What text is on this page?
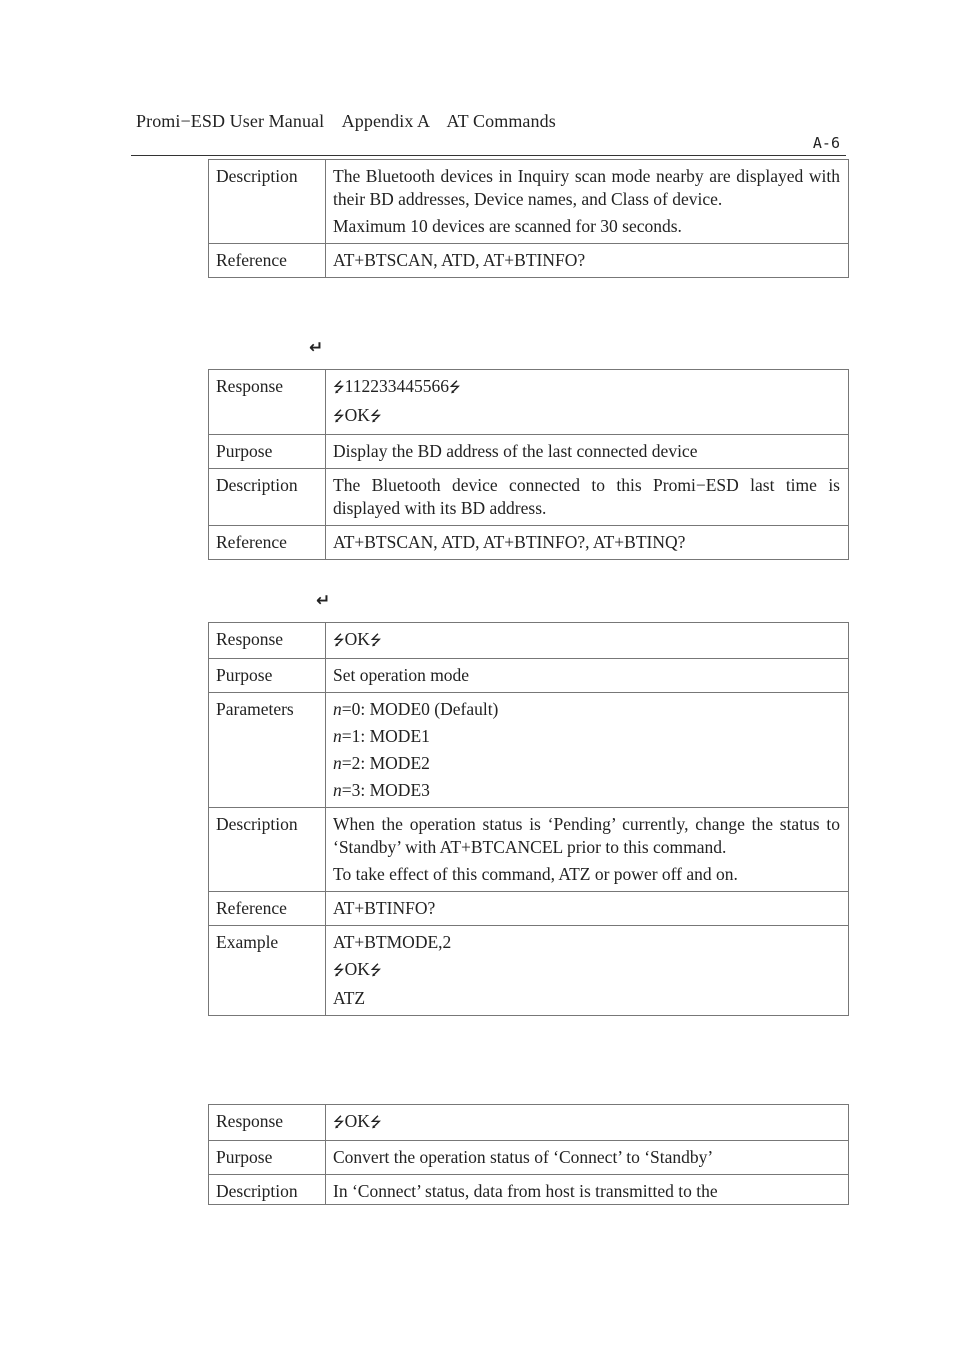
Promi−ESD User Manual    Appendix A    AT Commands
A-6
Description	The Bluetooth devices in Inquiry scan mode nearby are displayed with their BD addresses, Device names, and Class of device.
Maximum 10 devices are scanned for 30 seconds.

Reference	AT+BTSCAN, ATD, AT+BTINFO?
↵
Response	⭍112233445566⭍
⭍OK⭍

Purpose	Display the BD address of the last connected device
Description	The Bluetooth device connected to this Promi−ESD last time is displayed with its BD address.
Reference	AT+BTSCAN, ATD, AT+BTINFO?, AT+BTINQ?
↵
Response	⭍OK⭍

Purpose	Set operation mode
Parameters	n=0: MODE0 (Default)
n=1: MODE1
n=2: MODE2
n=3: MODE3

Description	When the operation status is ‘Pending’ currently, change the status to ‘Standby’ with AT+BTCANCEL prior to this command.
To take effect of this command, ATZ or power off and on.

Reference	AT+BTINFO?
Example	AT+BTMODE,2
⭍OK⭍
ATZ
Response	⭍OK⭍

Purpose	Convert the operation status of ‘Connect’ to ‘Standby’
Description	In ‘Connect’ status, data from host is transmitted to the
